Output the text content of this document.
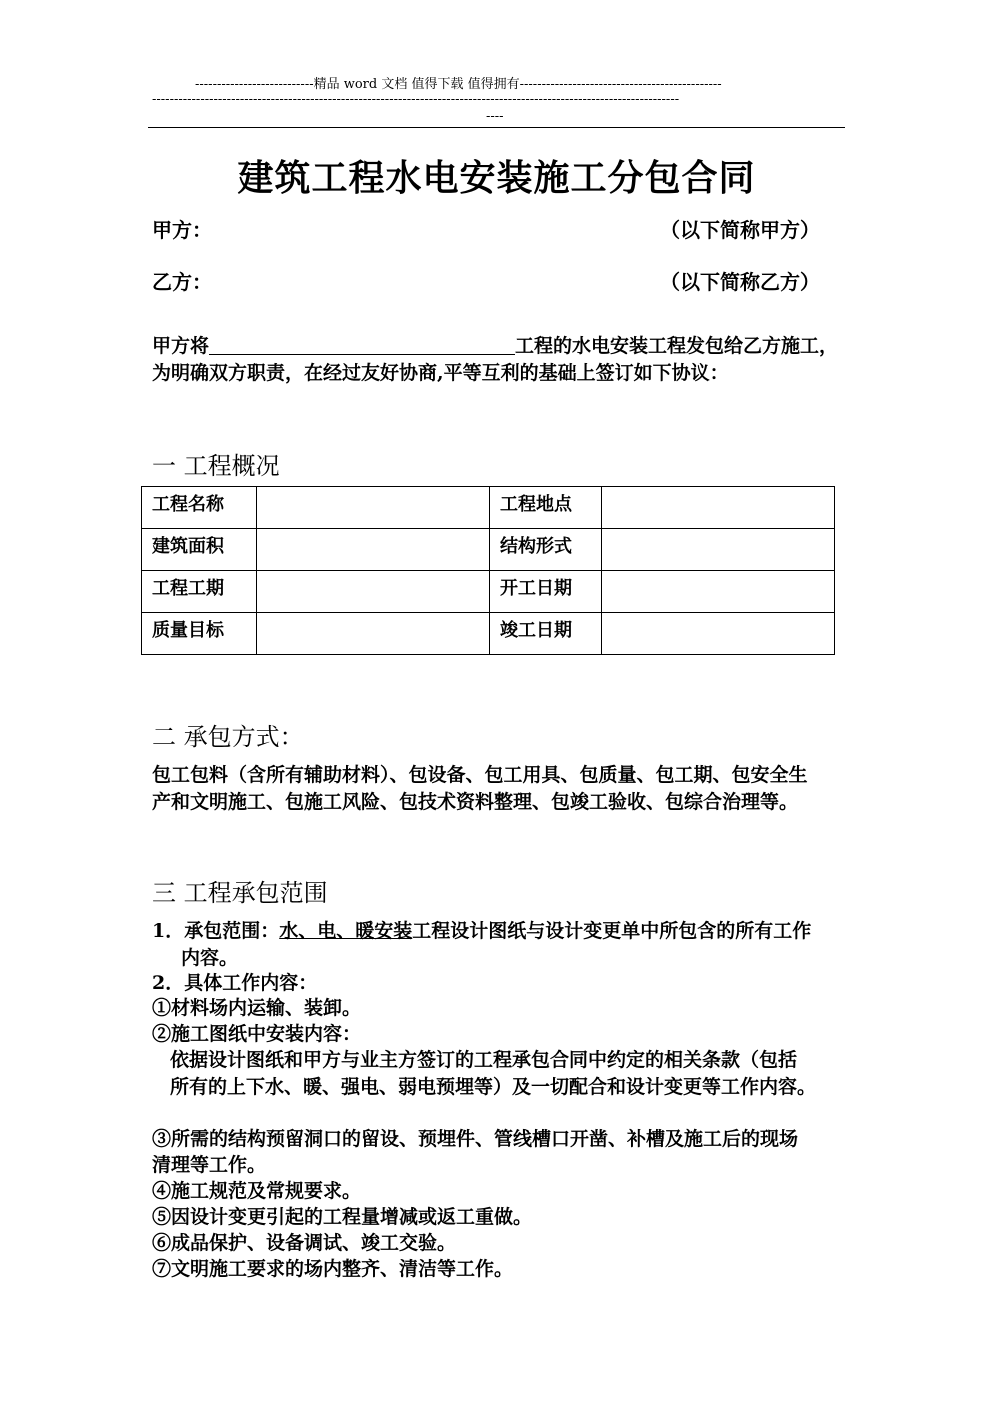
---------------------------精品 word 文档 值得下载 值得拥有----------------------------------------------
------------------------------------------------------------------------------------------------------------------------
----
建筑工程水电安装施工分包合同
甲方：	（以下简称甲方）
乙方：	（以下简称乙方）
甲方将	工程的水电安装工程发包给乙方施工，
为明确双方职责，在经过友好协商,平等互利的基础上签订如下协议：
一 工程概况
工程名称		工程地点	
建筑面积		结构形式	
工程工期		开工日期	
质量目标		竣工日期	
二 承包方式：
包工包料（含所有辅助材料）、包设备、包工用具、包质量、包工期、包安全生
产和文明施工、包施工风险、包技术资料整理、包竣工验收、包综合治理等。
三 工程承包范围
1．承包范围：水、电、暖安装工程设计图纸与设计变更单中所包含的所有工作
内容。
2．具体工作内容：
①材料场内运输、装卸。
②施工图纸中安装内容：
依据设计图纸和甲方与业主方签订的工程承包合同中约定的相关条款（包括
所有的上下水、暖、强电、弱电预埋等）及一切配合和设计变更等工作内容。
③所需的结构预留洞口的留设、预埋件、管线槽口开凿、补槽及施工后的现场
清理等工作。
④施工规范及常规要求。
⑤因设计变更引起的工程量增减或返工重做。
⑥成品保护、设备调试、竣工交验。
⑦文明施工要求的场内整齐、清洁等工作。
